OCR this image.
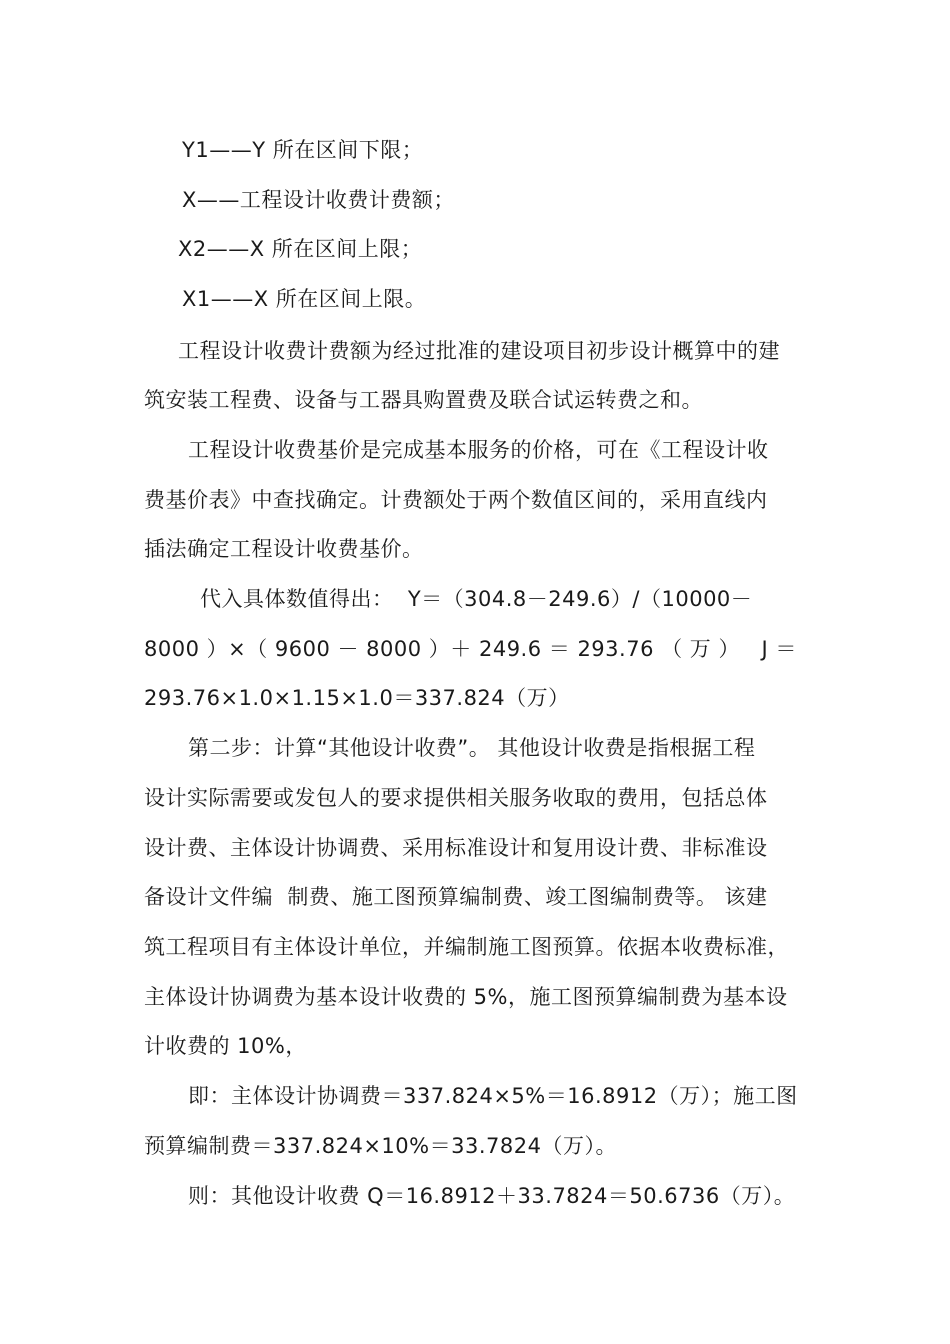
Y1——Y 所在区间下限；
X——工程设计收费计费额；
X2——X 所在区间上限；
X1——X 所在区间上限。
工程设计收费计费额为经过批准的建设项目初步设计概算中的建
筑安装工程费、设备与工器具购置费及联合试运转费之和。
工程设计收费基价是完成基本服务的价格，可在《工程设计收
费基价表》中查找确定。计费额处于两个数值区间的，采用直线内
插法确定工程设计收费基价。
代入具体数值得出：  Y＝（304.8－249.6）/（10000－
8000 ）×（ 9600 － 8000 ）＋ 249.6 ＝ 293.76 （ 万 ）   J ＝
293.76×1.0×1.15×1.0＝337.824（万）
第二步：计算“其他设计收费”。 其他设计收费是指根据工程
设计实际需要或发包人的要求提供相关服务收取的费用，包括总体
设计费、主体设计协调费、采用标准设计和复用设计费、非标准设
备设计文件编  制费、施工图预算编制费、竣工图编制费等。 该建
筑工程项目有主体设计单位，并编制施工图预算。依据本收费标准，
主体设计协调费为基本设计收费的 5%，施工图预算编制费为基本设
计收费的 10%，
即：主体设计协调费＝337.824×5%＝16.8912（万）；施工图
预算编制费＝337.824×10%＝33.7824（万）。
则：其他设计收费 Q＝16.8912＋33.7824＝50.6736（万）。
